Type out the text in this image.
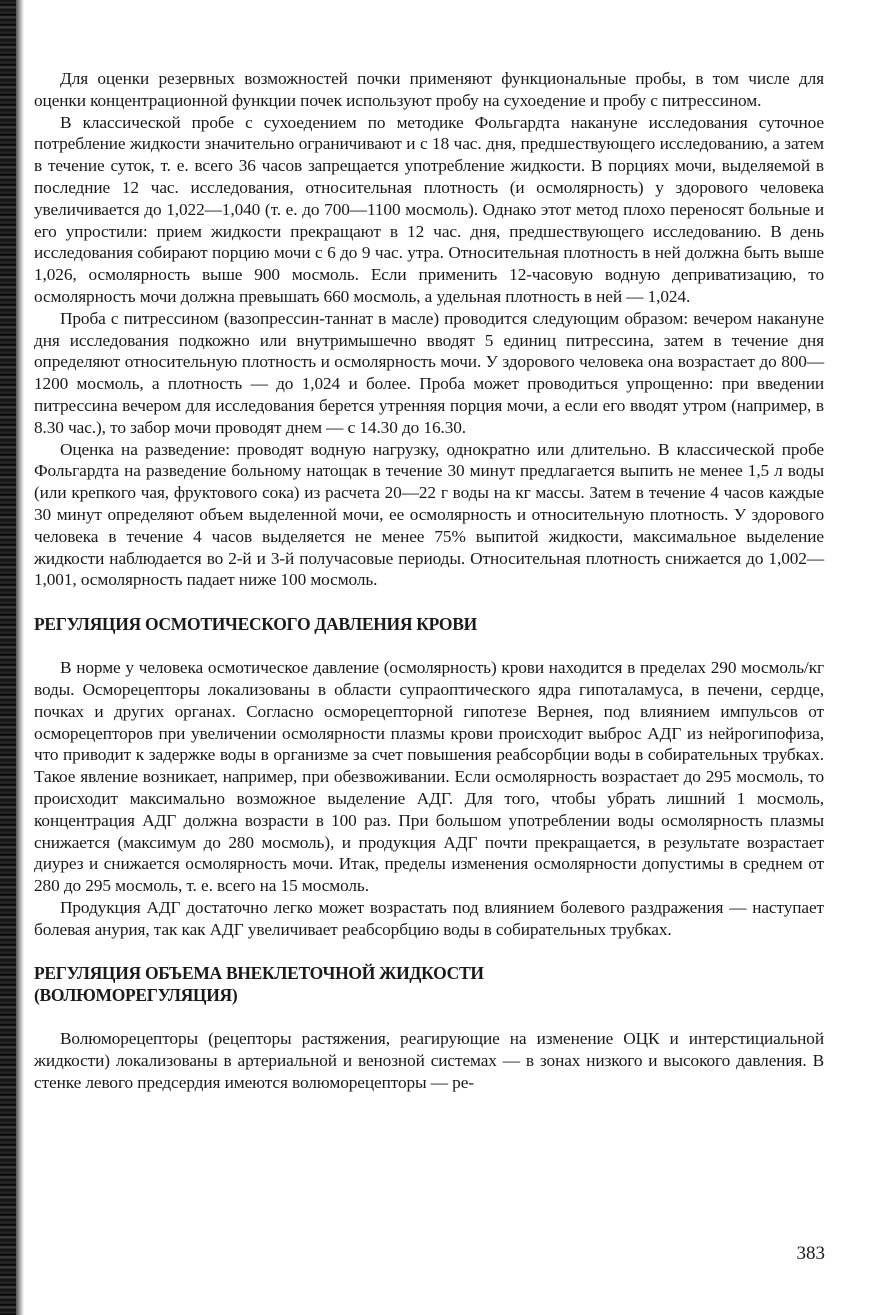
Для оценки резервных возможностей почки применяют функциональные пробы, в том числе для оценки концентрационной функции почек используют пробу на сухоедение и пробу с питрессином.

В классической пробе с сухоедением по методике Фольгардта накануне исследования суточное потребление жидкости значительно ограничивают и с 18 час. дня, предшествующего исследованию, а затем в течение суток, т. е. всего 36 часов запрещается употребление жидкости. В порциях мочи, выделяемой в последние 12 час. исследования, относительная плотность (и осмолярность) у здорового человека увеличивается до 1,022—1,040 (т. е. до 700—1100 мосмоль). Однако этот метод плохо переносят больные и его упростили: прием жидкости прекращают в 12 час. дня, предшествующего исследованию. В день исследования собирают порцию мочи с 6 до 9 час. утра. Относительная плотность в ней должна быть выше 1,026, осмолярность выше 900 мосмоль. Если применить 12-часовую водную деприватизацию, то осмолярность мочи должна превышать 660 мосмоль, а удельная плотность в ней — 1,024.

Проба с питрессином (вазопрессин-таннат в масле) проводится следующим образом: вечером накануне дня исследования подкожно или внутримышечно вводят 5 единиц питрессина, затем в течение дня определяют относительную плотность и осмолярность мочи. У здорового человека она возрастает до 800—1200 мосмоль, а плотность — до 1,024 и более. Проба может проводиться упрощенно: при введении питрессина вечером для исследования берется утренняя порция мочи, а если его вводят утром (например, в 8.30 час.), то забор мочи проводят днем — с 14.30 до 16.30.

Оценка на разведение: проводят водную нагрузку, однократно или длительно. В классической пробе Фольгардта на разведение больному натощак в течение 30 минут предлагается выпить не менее 1,5 л воды (или крепкого чая, фруктового сока) из расчета 20—22 г воды на кг массы. Затем в течение 4 часов каждые 30 минут определяют объем выделенной мочи, ее осмолярность и относительную плотность. У здорового человека в течение 4 часов выделяется не менее 75% выпитой жидкости, максимальное выделение жидкости наблюдается во 2-й и 3-й получасовые периоды. Относительная плотность снижается до 1,002—1,001, осмолярность падает ниже 100 мосмоль.

РЕГУЛЯЦИЯ ОСМОТИЧЕСКОГО ДАВЛЕНИЯ КРОВИ

В норме у человека осмотическое давление (осмолярность) крови находится в пределах 290 мосмоль/кг воды. Осморецепторы локализованы в области супраоптического ядра гипоталамуса, в печени, сердце, почках и других органах. Согласно осморецепторной гипотезе Вернея, под влиянием импульсов от осморецепторов при увеличении осмолярности плазмы крови происходит выброс АДГ из нейрогипофиза, что приводит к задержке воды в организме за счет повышения реабсорбции воды в собирательных трубках. Такое явление возникает, например, при обезвоживании. Если осмолярность возрастает до 295 мосмоль, то происходит максимально возможное выделение АДГ. Для того, чтобы убрать лишний 1 мосмоль, концентрация АДГ должна возрасти в 100 раз. При большом употреблении воды осмолярность плазмы снижается (максимум до 280 мосмоль), и продукция АДГ почти прекращается, в результате возрастает диурез и снижается осмолярность мочи. Итак, пределы изменения осмолярности допустимы в среднем от 280 до 295 мосмоль, т. е. всего на 15 мосмоль.

Продукция АДГ достаточно легко может возрастать под влиянием болевого раздражения — наступает болевая анурия, так как АДГ увеличивает реабсорбцию воды в собирательных трубках.

РЕГУЛЯЦИЯ ОБЪЕМА ВНЕКЛЕТОЧНОЙ ЖИДКОСТИ
(ВОЛЮМОРЕГУЛЯЦИЯ)

Волюморецепторы (рецепторы растяжения, реагирующие на изменение ОЦК и интерстициальной жидкости) локализованы в артериальной и венозной системах — в зонах низкого и высокого давления. В стенке левого предсердия имеются волюморецепторы — ре-

383
